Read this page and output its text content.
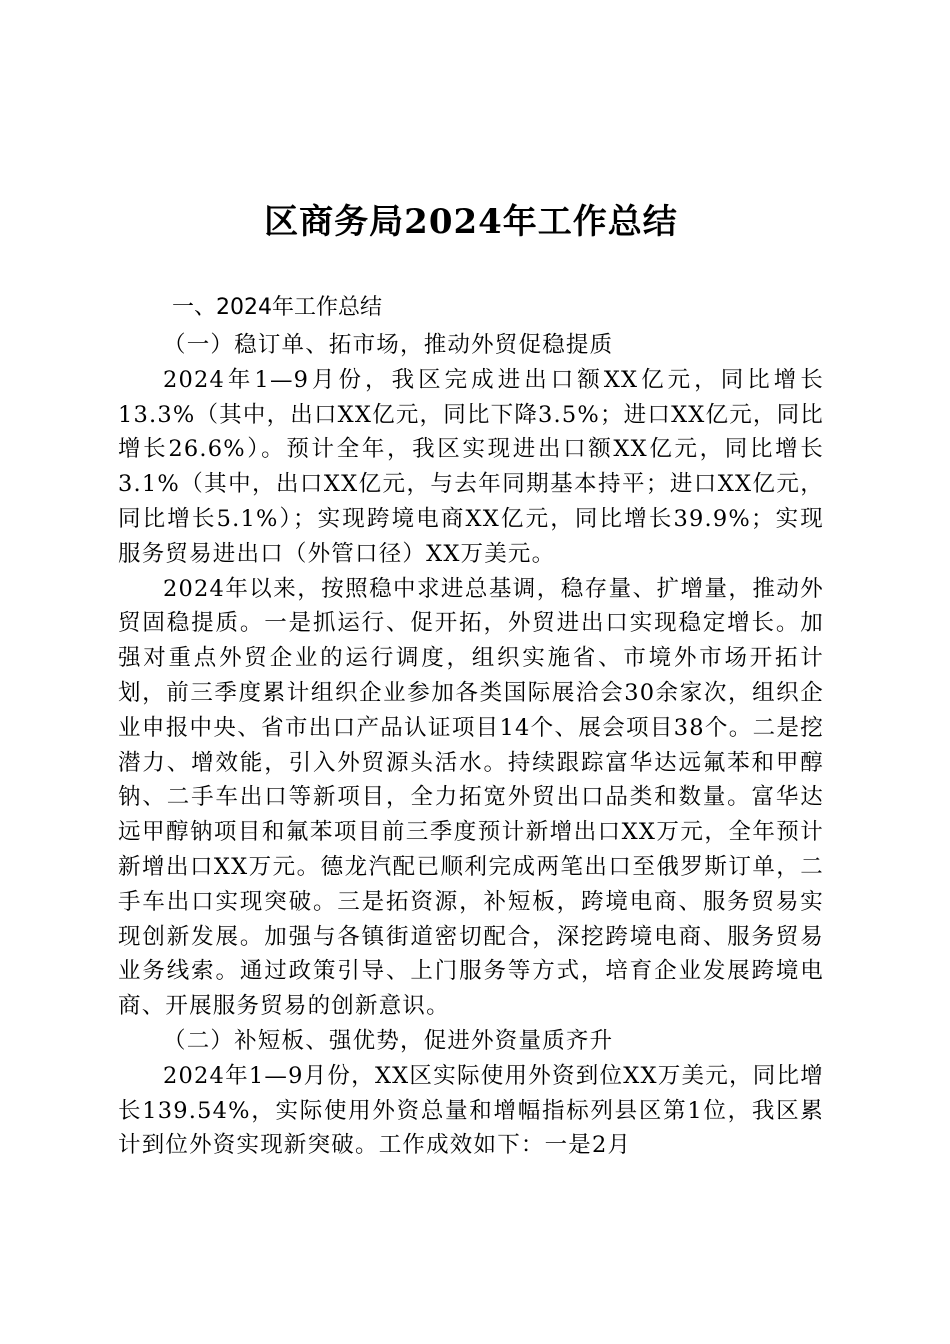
区商务局2024年工作总结
一、2024年工作总结

（一）稳订单、拓市场，推动外贸促稳提质

2024年1—9月份，我区完成进出口额XX亿元，同比增长13.3%（其中，出口XX亿元，同比下降3.5%；进口XX亿元，同比增长26.6%）。预计全年，我区实现进出口额XX亿元，同比增长3.1%（其中，出口XX亿元，与去年同期基本持平；进口XX亿元，同比增长5.1%）；实现跨境电商XX亿元，同比增长39.9%；实现服务贸易进出口（外管口径）XX万美元。

2024年以来，按照稳中求进总基调，稳存量、扩增量，推动外贸固稳提质。一是抓运行、促开拓，外贸进出口实现稳定增长。加强对重点外贸企业的运行调度，组织实施省、市境外市场开拓计划，前三季度累计组织企业参加各类国际展洽会30余家次，组织企业申报中央、省市出口产品认证项目14个、展会项目38个。二是挖潜力、增效能，引入外贸源头活水。持续跟踪富华达远氟苯和甲醇钠、二手车出口等新项目，全力拓宽外贸出口品类和数量。富华达远甲醇钠项目和氟苯项目前三季度预计新增出口XX万元，全年预计新增出口XX万元。德龙汽配已顺利完成两笔出口至俄罗斯订单，二手车出口实现突破。三是拓资源，补短板，跨境电商、服务贸易实现创新发展。加强与各镇街道密切配合，深挖跨境电商、服务贸易业务线索。通过政策引导、上门服务等方式，培育企业发展跨境电商、开展服务贸易的创新意识。

（二）补短板、强优势，促进外资量质齐升

2024年1—9月份，XX区实际使用外资到位XX万美元，同比增长139.54%，实际使用外资总量和增幅指标列县区第1位，我区累计到位外资实现新突破。工作成效如下：一是2月
